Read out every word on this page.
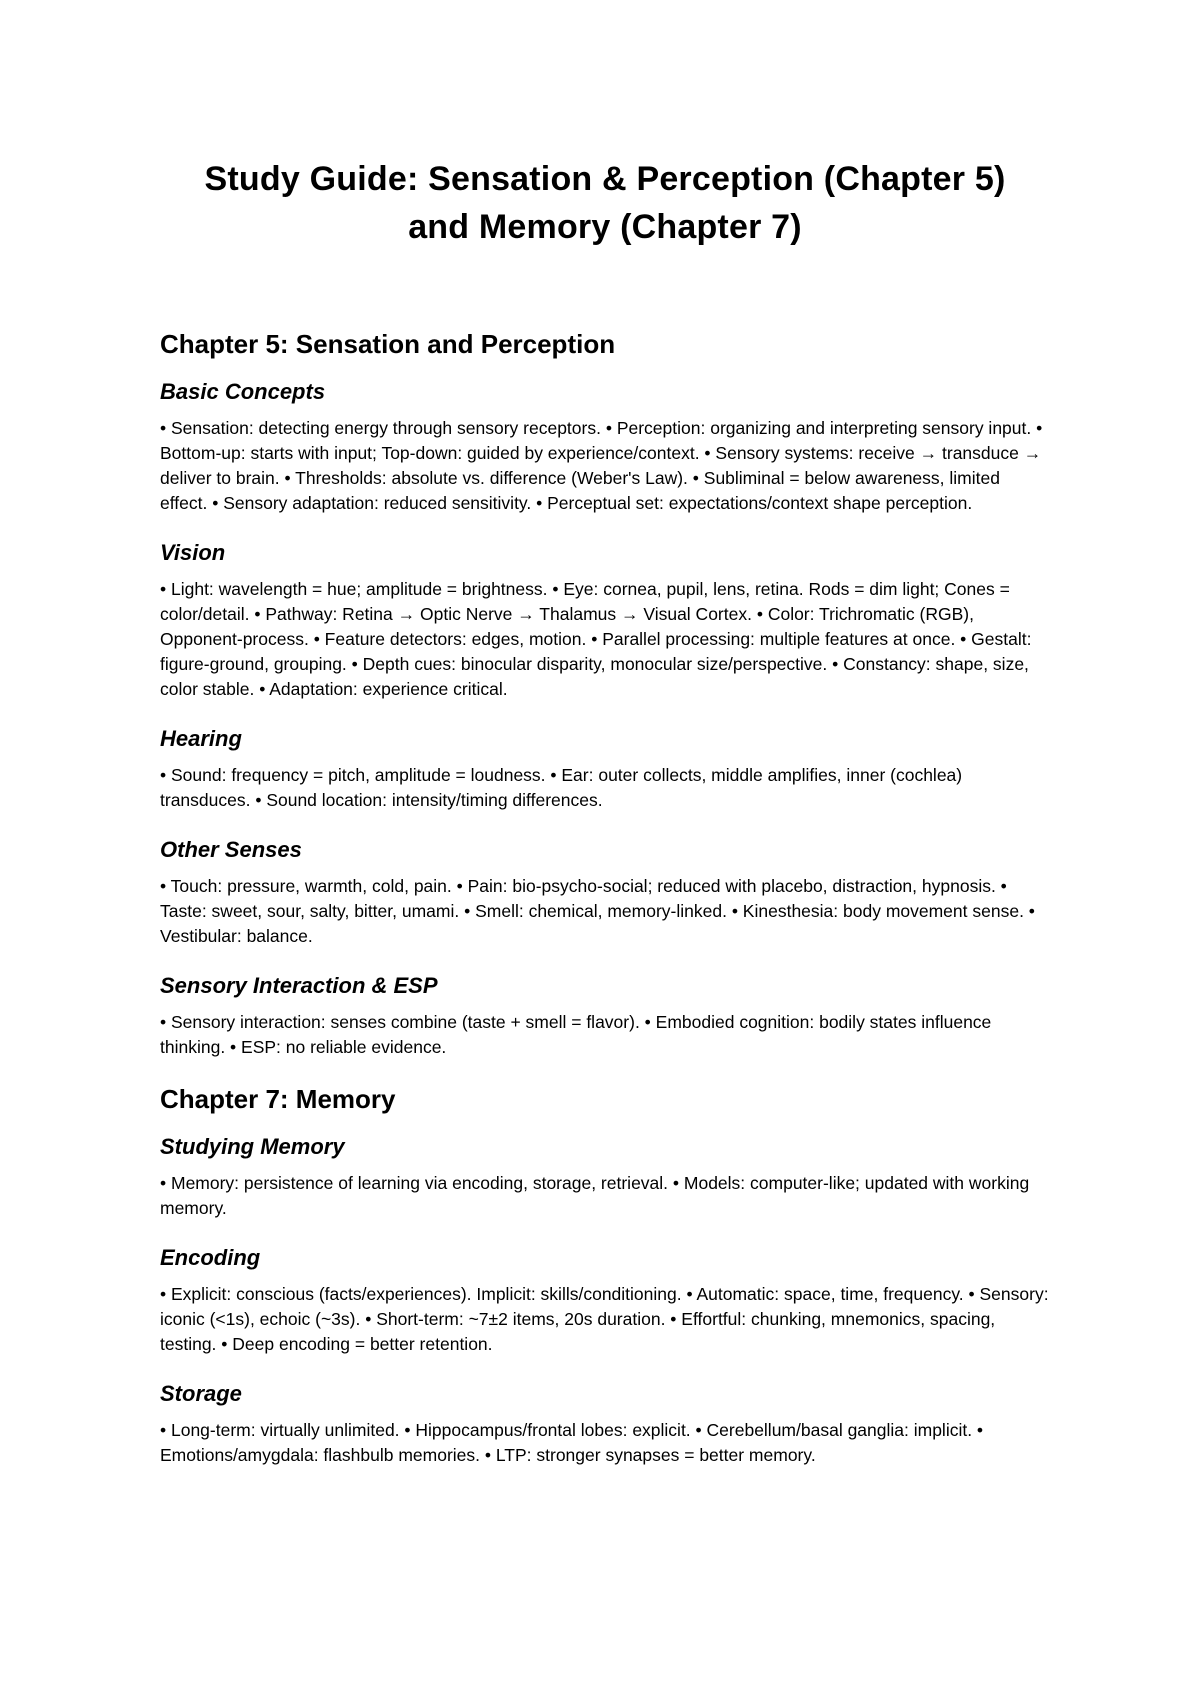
Study Guide: Sensation & Perception (Chapter 5)
and Memory (Chapter 7)
Chapter 5: Sensation and Perception
Basic Concepts

• Sensation: detecting energy through sensory receptors. • Perception: organizing and interpreting sensory input. • Bottom-up: starts with input; Top-down: guided by experience/context. • Sensory systems: receive → transduce → deliver to brain. • Thresholds: absolute vs. difference (Weber's Law). • Subliminal = below awareness, limited effect. • Sensory adaptation: reduced sensitivity. • Perceptual set: expectations/context shape perception.

Vision

• Light: wavelength = hue; amplitude = brightness. • Eye: cornea, pupil, lens, retina. Rods = dim light; Cones = color/detail. • Pathway: Retina → Optic Nerve → Thalamus → Visual Cortex. • Color: Trichromatic (RGB), Opponent-process. • Feature detectors: edges, motion. • Parallel processing: multiple features at once. • Gestalt: figure-ground, grouping. • Depth cues: binocular disparity, monocular size/perspective. • Constancy: shape, size, color stable. • Adaptation: experience critical.

Hearing

• Sound: frequency = pitch, amplitude = loudness. • Ear: outer collects, middle amplifies, inner (cochlea) transduces. • Sound location: intensity/timing differences.

Other Senses

• Touch: pressure, warmth, cold, pain. • Pain: bio-psycho-social; reduced with placebo, distraction, hypnosis. • Taste: sweet, sour, salty, bitter, umami. • Smell: chemical, memory-linked. • Kinesthesia: body movement sense. • Vestibular: balance.

Sensory Interaction & ESP

• Sensory interaction: senses combine (taste + smell = flavor). • Embodied cognition: bodily states influence thinking. • ESP: no reliable evidence.

Chapter 7: Memory
Studying Memory

• Memory: persistence of learning via encoding, storage, retrieval. • Models: computer-like; updated with working memory.

Encoding

• Explicit: conscious (facts/experiences). Implicit: skills/conditioning. • Automatic: space, time, frequency. • Sensory: iconic (<1s), echoic (~3s). • Short-term: ~7±2 items, 20s duration. • Effortful: chunking, mnemonics, spacing, testing. • Deep encoding = better retention.

Storage

• Long-term: virtually unlimited. • Hippocampus/frontal lobes: explicit. • Cerebellum/basal ganglia: implicit. • Emotions/amygdala: flashbulb memories. • LTP: stronger synapses = better memory.
